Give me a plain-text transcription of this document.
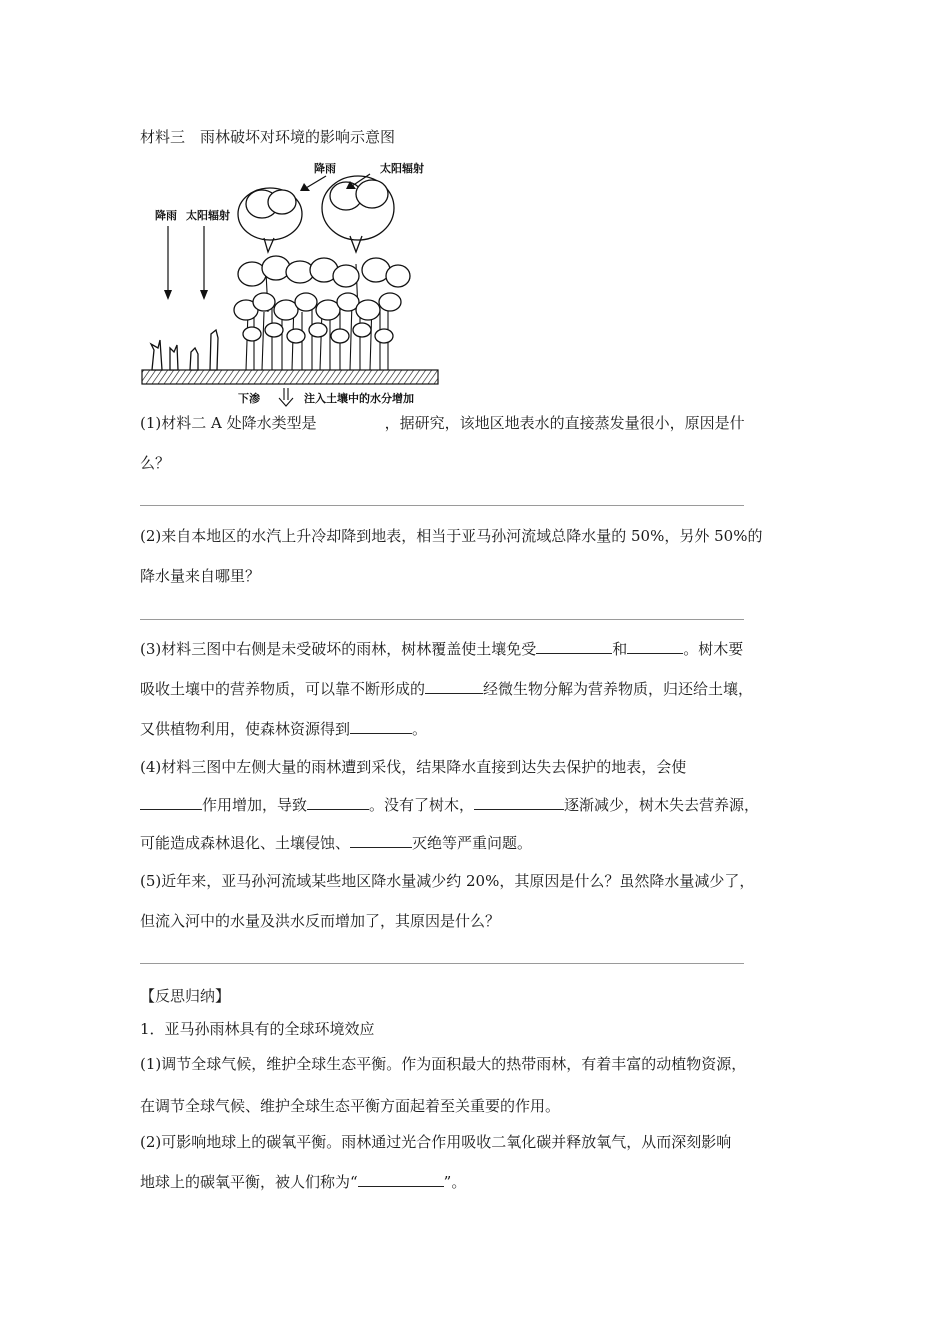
材料三　雨林破坏对环境的影响示意图
降雨 太阳辐射
降雨	太阳辐射
下渗	注入土壤中的水分增加
(1)材料二 A 处降水类型是	，据研究，该地区地表水的直接蒸发量很小，原因是什
么？
(2)来自本地区的水汽上升冷却降到地表，相当于亚马孙河流域总降水量的 50%，另外 50%的
降水量来自哪里？
(3)材料三图中右侧是未受破坏的雨林，树林覆盖使土壤免受	和	。树木要
吸收土壤中的营养物质，可以靠不断形成的	经微生物分解为营养物质，归还给土壤，
又供植物利用，使森林资源得到	。
(4)材料三图中左侧大量的雨林遭到采伐，结果降水直接到达失去保护的地表，会使
作用增加，导致	。没有了树木，	逐渐减少，树木失去营养源，
可能造成森林退化、土壤侵蚀、	灭绝等严重问题。
(5)近年来，亚马孙河流域某些地区降水量减少约 20%，其原因是什么？虽然降水量减少了，
但流入河中的水量及洪水反而增加了，其原因是什么？
【反思归纳】
1．亚马孙雨林具有的全球环境效应
(1)调节全球气候，维护全球生态平衡。作为面积最大的热带雨林，有着丰富的动植物资源，
在调节全球气候、维护全球生态平衡方面起着至关重要的作用。
(2)可影响地球上的碳氧平衡。雨林通过光合作用吸收二氧化碳并释放氧气，从而深刻影响
地球上的碳氧平衡，被人们称为“	”。
